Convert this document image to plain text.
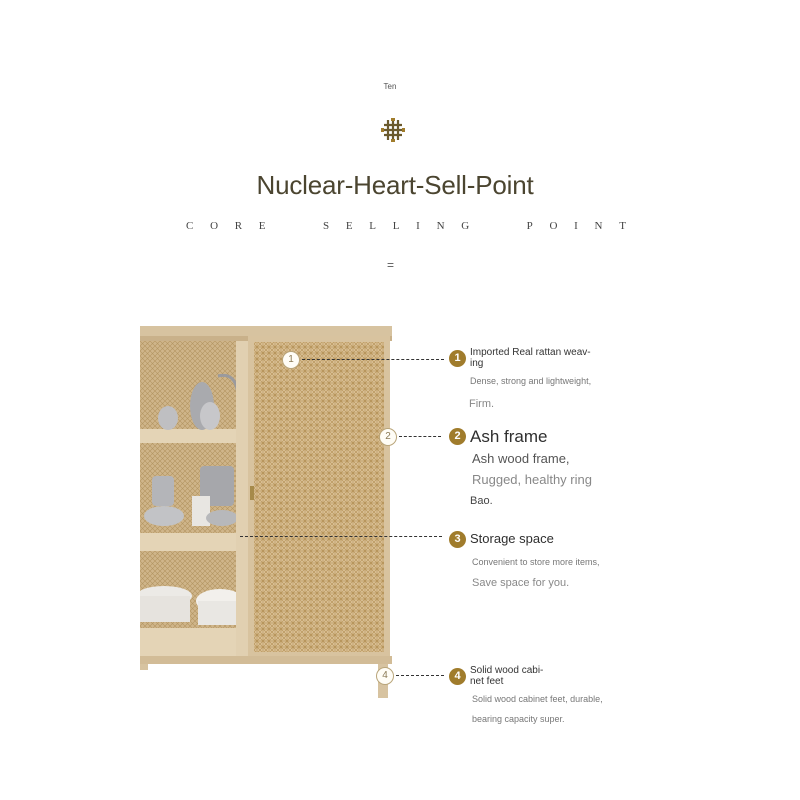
Ten
Nuclear-Heart-Sell-Point
C O R E	S E L L I N G	P O I N T
=
1
2
4
1 Imported Real rattan weav-
ing
Dense, strong and lightweight,
Firm.
2 Ash frame
Ash wood frame,
Rugged, healthy ring
Bao.
3 Storage space
Convenient to store more items,
Save space for you.
4 Solid wood cabi-
net feet
Solid wood cabinet feet, durable,
bearing capacity super.
